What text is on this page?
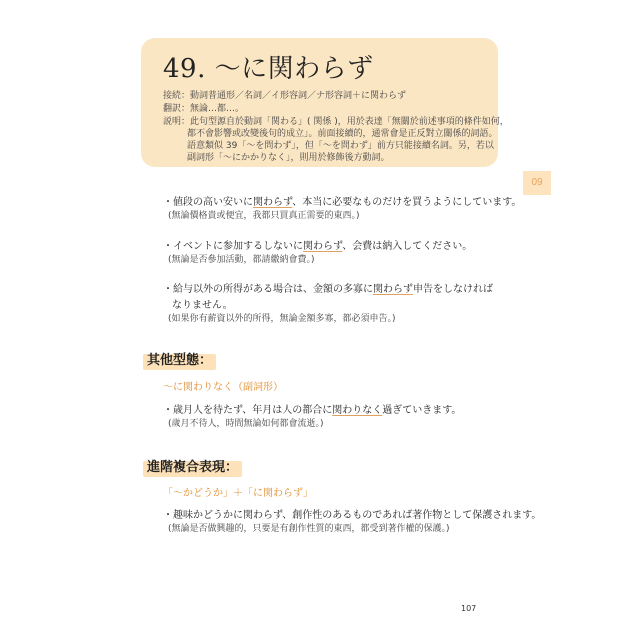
49. ～に関わらず
接続：動詞普通形／名詞／イ形容詞／ナ形容詞＋に関わらず
翻訳：無論…都…。
説明：此句型源自於動詞「関わる」( 関係 )，用於表達「無關於前述事項的條件如何，
都不會影響或改變後句的成立」。前面接續的，通常會是正反對立關係的詞語。
語意類似 39「～を問わず」，但「～を問わず」前方只能接續名詞。另，若以
副詞形「～にかかりなく」，則用於修飾後方動詞。
09
・値段の高い安いに関わらず、本当に必要なものだけを買うようにしています。
(無論價格貴或便宜，我都只買真正需要的東西。)
・イベントに参加するしないに関わらず、会費は納入してください。
(無論是否參加活動，都請繳納會費。)
・給与以外の所得がある場合は、金額の多寡に関わらず申告をしなければ
なりません。
(如果你有薪資以外的所得，無論金額多寡，都必須申告。)
其他型態：
～に関わりなく（副詞形）
・歳月人を待たず、年月は人の都合に関わりなく過ぎていきます。
(歲月不待人，時間無論如何都會流逝。)
進階複合表現：
「～かどうか」＋「に関わらず」
・趣味かどうかに関わらず、創作性のあるものであれば著作物として保護されます。
(無論是否做興趣的，只要是有創作性質的東西，都受到著作權的保護。)
107
